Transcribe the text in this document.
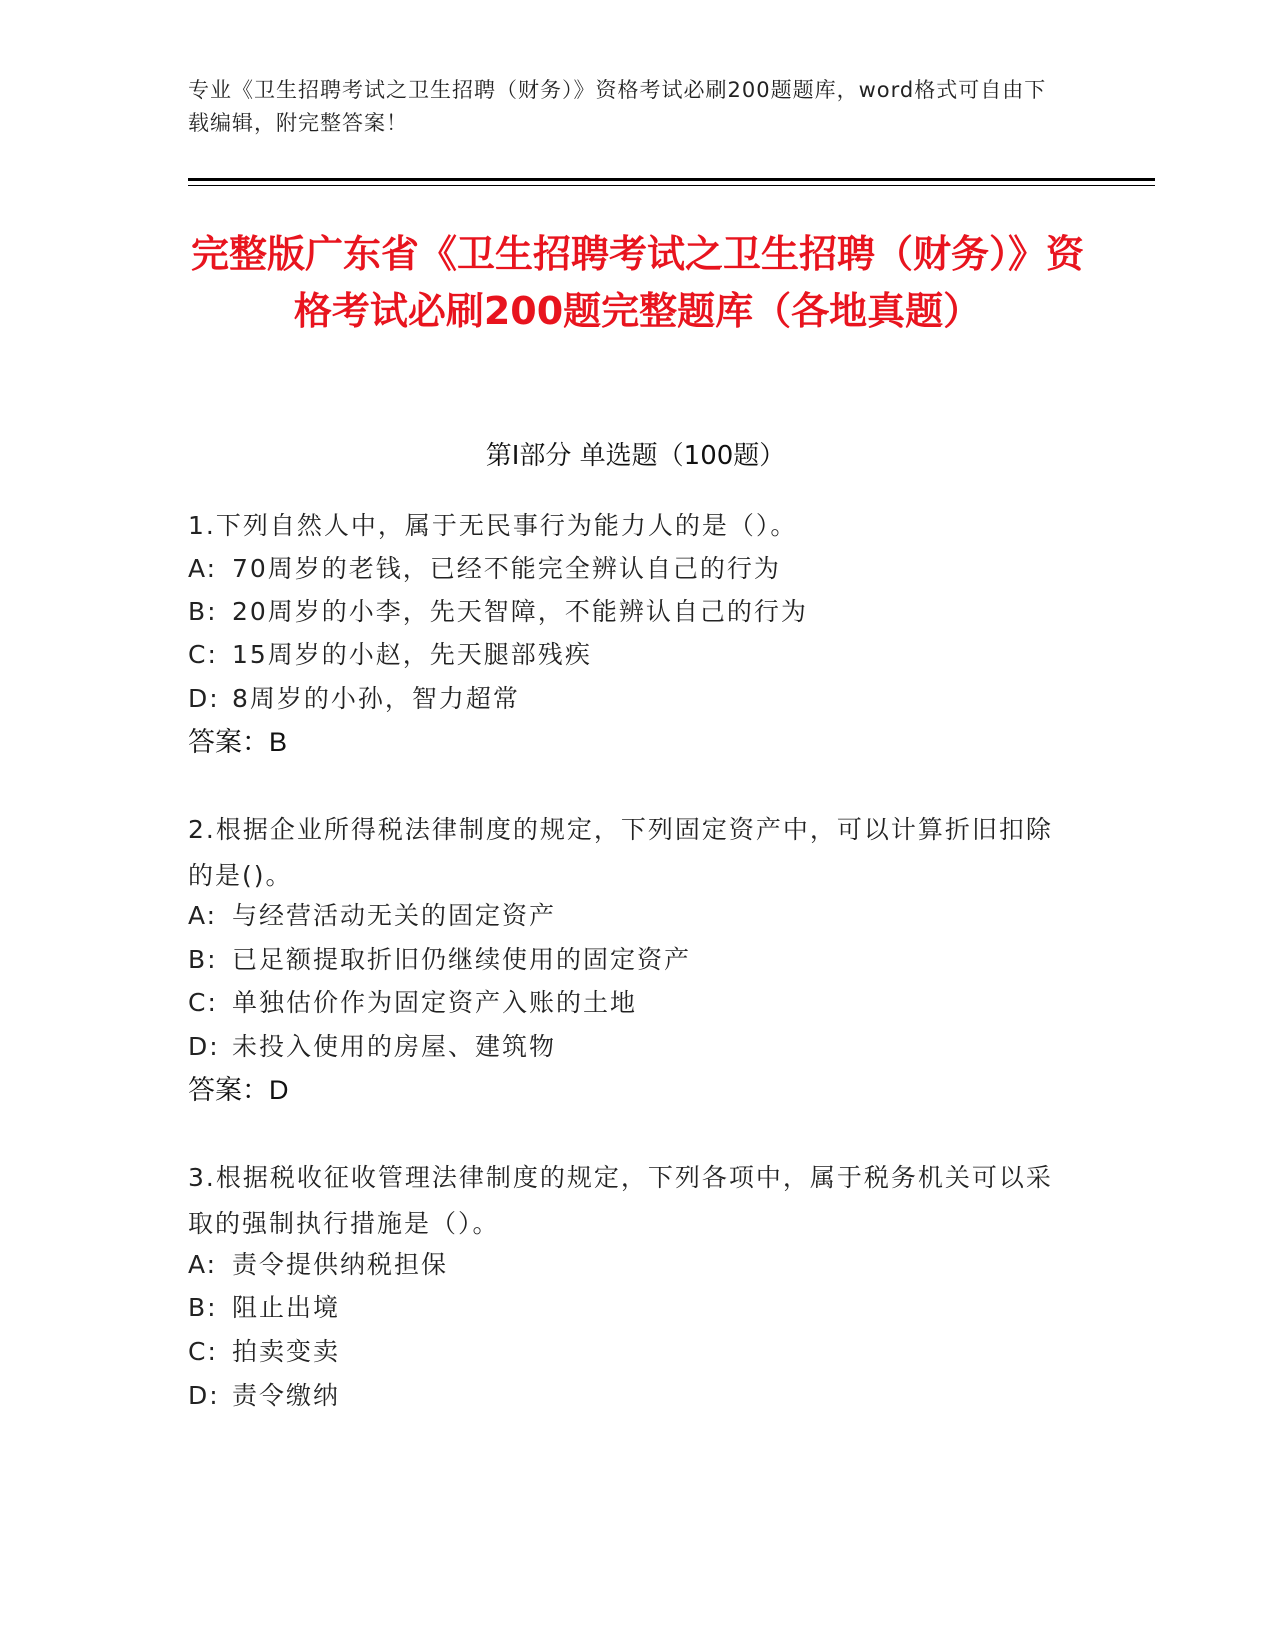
专业《卫生招聘考试之卫生招聘（财务）》资格考试必刷200题题库，word格式可自由下载编辑，附完整答案！
完整版广东省《卫生招聘考试之卫生招聘（财务）》资格考试必刷200题完整题库（各地真题）
第I部分 单选题（100题）
1.下列自然人中，属于无民事行为能力人的是（）。
A: 70周岁的老钱，已经不能完全辨认自己的行为
B: 20周岁的小李，先天智障，不能辨认自己的行为
C: 15周岁的小赵，先天腿部残疾
D: 8周岁的小孙，智力超常
答案：B
2.根据企业所得税法律制度的规定，下列固定资产中，可以计算折旧扣除的是()。
A: 与经营活动无关的固定资产
B: 已足额提取折旧仍继续使用的固定资产
C: 单独估价作为固定资产入账的土地
D: 未投入使用的房屋、建筑物
答案：D
3.根据税收征收管理法律制度的规定，下列各项中，属于税务机关可以采取的强制执行措施是（）。
A: 责令提供纳税担保
B: 阻止出境
C: 拍卖变卖
D: 责令缴纳
